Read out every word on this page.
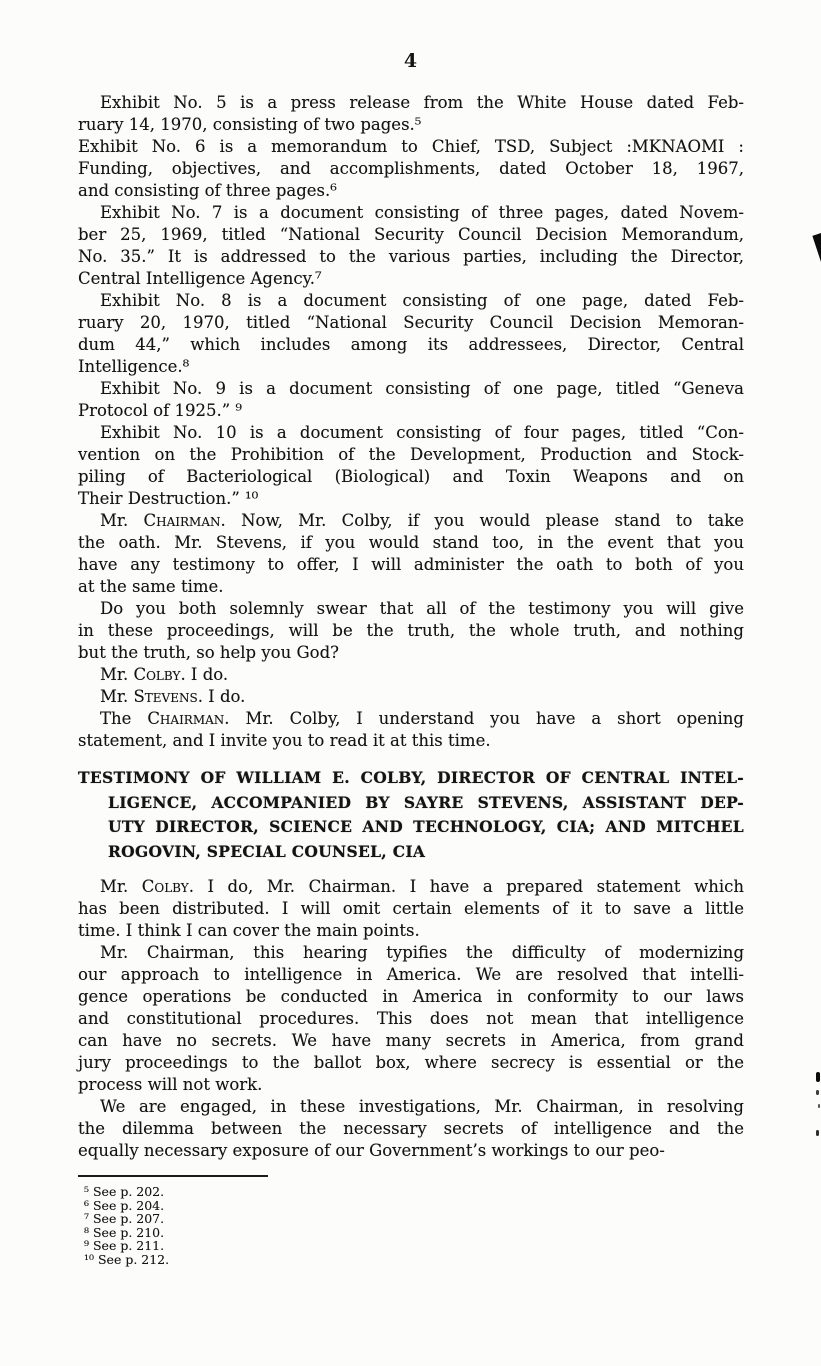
4
Exhibit No. 5 is a press release from the White House dated Feb-
ruary 14, 1970, consisting of two pages.⁵
Exhibit No. 6 is a memorandum to Chief, TSD, Subject :MKNAOMI :
Funding, objectives, and accomplishments, dated October 18, 1967,
and consisting of three pages.⁶
Exhibit No. 7 is a document consisting of three pages, dated Novem-
ber 25, 1969, titled “National Security Council Decision Memorandum,
No. 35.” It is addressed to the various parties, including the Director,
Central Intelligence Agency.⁷
Exhibit No. 8 is a document consisting of one page, dated Feb-
ruary 20, 1970, titled “National Security Council Decision Memoran-
dum 44,” which includes among its addressees, Director, Central
Intelligence.⁸
Exhibit No. 9 is a document consisting of one page, titled “Geneva
Protocol of 1925.” ⁹
Exhibit No. 10 is a document consisting of four pages, titled “Con-
vention on the Prohibition of the Development, Production and Stock-
piling of Bacteriological (Biological) and Toxin Weapons and on
Their Destruction.” ¹⁰
Mr. Chairman. Now, Mr. Colby, if you would please stand to take
the oath. Mr. Stevens, if you would stand too, in the event that you
have any testimony to offer, I will administer the oath to both of you
at the same time.
Do you both solemnly swear that all of the testimony you will give
in these proceedings, will be the truth, the whole truth, and nothing
but the truth, so help you God?
Mr. Colby. I do.
Mr. Stevens. I do.
The Chairman. Mr. Colby, I understand you have a short opening
statement, and I invite you to read it at this time.
TESTIMONY OF WILLIAM E. COLBY, DIRECTOR OF CENTRAL INTEL-
LIGENCE, ACCOMPANIED BY SAYRE STEVENS, ASSISTANT DEP-
UTY DIRECTOR, SCIENCE AND TECHNOLOGY, CIA; AND MITCHEL
ROGOVIN, SPECIAL COUNSEL, CIA
Mr. Colby. I do, Mr. Chairman. I have a prepared statement which
has been distributed. I will omit certain elements of it to save a little
time. I think I can cover the main points.
Mr. Chairman, this hearing typifies the difficulty of modernizing
our approach to intelligence in America. We are resolved that intelli-
gence operations be conducted in America in conformity to our laws
and constitutional procedures. This does not mean that intelligence
can have no secrets. We have many secrets in America, from grand
jury proceedings to the ballot box, where secrecy is essential or the
process will not work.
We are engaged, in these investigations, Mr. Chairman, in resolving
the dilemma between the necessary secrets of intelligence and the
equally necessary exposure of our Government’s workings to our peo-
⁵ See p. 202.
⁶ See p. 204.
⁷ See p. 207.
⁸ See p. 210.
⁹ See p. 211.
¹⁰ See p. 212.
